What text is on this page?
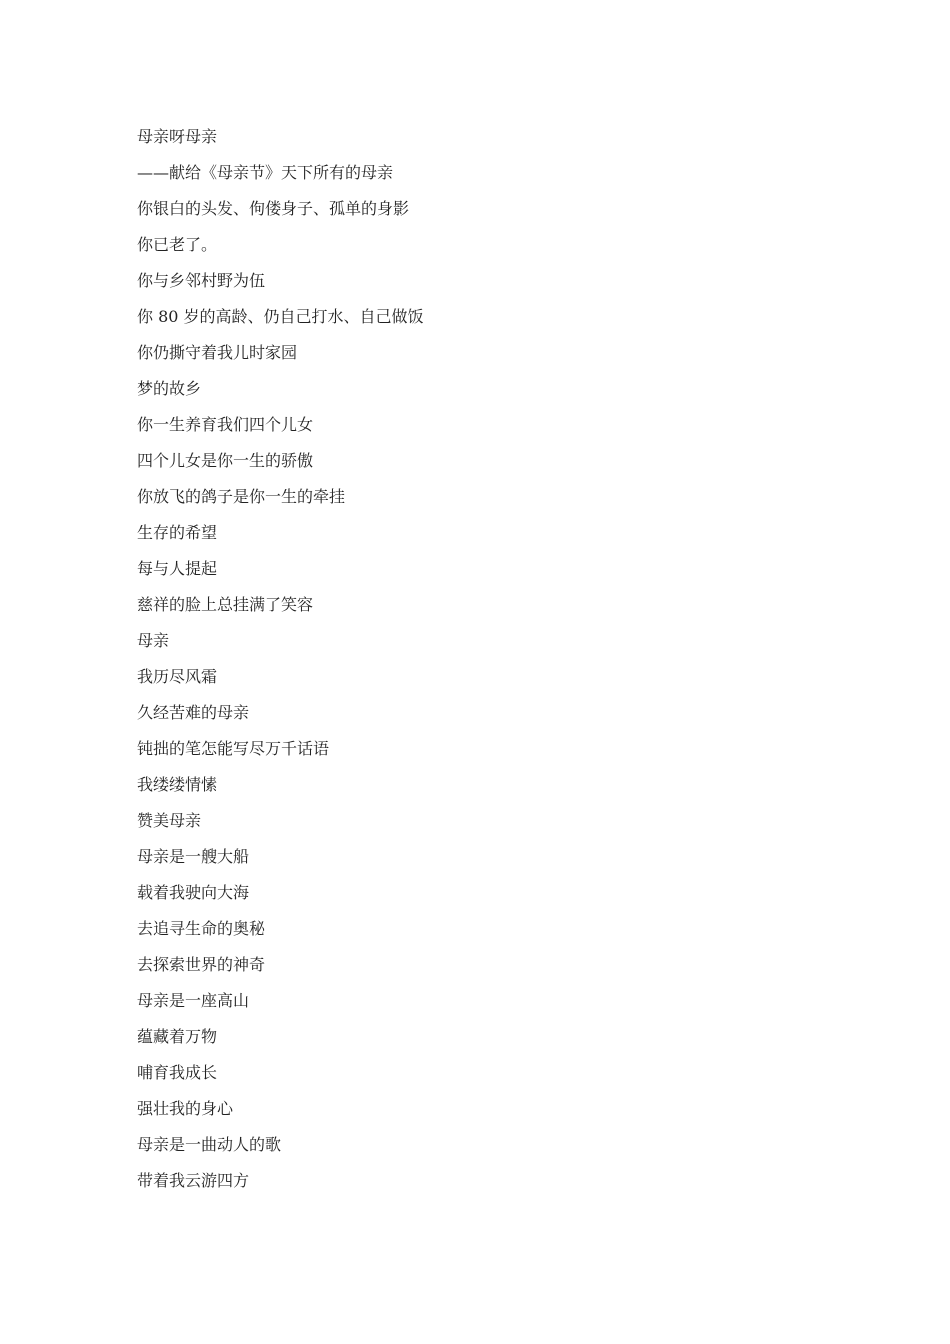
母亲呀母亲
——献给《母亲节》天下所有的母亲
你银白的头发、佝偻身子、孤单的身影
你已老了。
你与乡邻村野为伍
你 80 岁的高龄、仍自己打水、自己做饭
你仍撕守着我儿时家园
梦的故乡
你一生养育我们四个儿女
四个儿女是你一生的骄傲
你放飞的鸽子是你一生的牵挂
生存的希望
每与人提起
慈祥的脸上总挂满了笑容
母亲
我历尽风霜
久经苦难的母亲
钝拙的笔怎能写尽万千话语
我缕缕情愫
赞美母亲
母亲是一艘大船
载着我驶向大海
去追寻生命的奥秘
去探索世界的神奇
母亲是一座高山
蕴藏着万物
哺育我成长
强壮我的身心
母亲是一曲动人的歌
带着我云游四方
